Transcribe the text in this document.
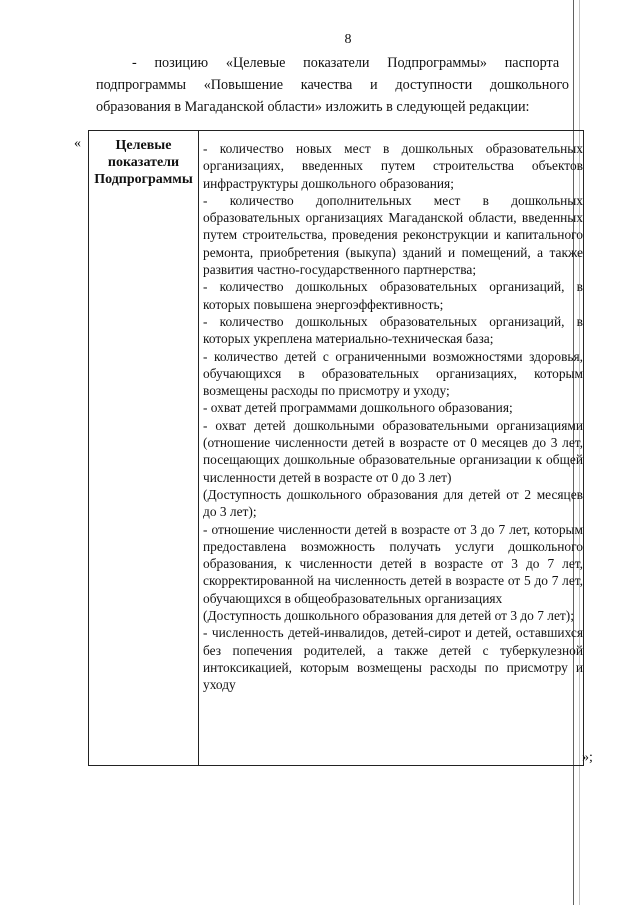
8
-     позицию     «Целевые     показатели     Подпрограммы»     паспорта
подпрограммы     «Повышение     качества     и     доступности     дошкольного
образования в Магаданской области» изложить в следующей редакции:
«	Целевые показатели Подпрограммы

- количество новых мест в дошкольных образовательных организациях, введенных путем строительства объектов инфраструктуры дошкольного образования;

- количество дополнительных мест в дошкольных образовательных организациях Магаданской области, введенных путем строительства, проведения реконструкции и капитального ремонта, приобретения (выкупа) зданий и помещений, а также развития частно-государственного партнерства;

- количество дошкольных образовательных организаций, в которых повышена энергоэффективность;

- количество дошкольных образовательных организаций, в которых укреплена материально-техническая база;

- количество детей с ограниченными возможностями здоровья, обучающихся в образовательных организациях, которым возмещены расходы по присмотру и уходу;

- охват детей программами дошкольного образования;

- охват детей дошкольными образовательными организациями (отношение численности детей в возрасте от 0 месяцев до 3 лет, посещающих дошкольные образовательные организации к общей численности детей в возрасте от 0 до 3 лет)

(Доступность дошкольного образования для детей от 2 месяцев до 3 лет);

- отношение численности детей в возрасте от 3 до 7 лет, которым предоставлена возможность получать услуги дошкольного образования, к численности детей в возрасте от 3 до 7 лет, скорректированной на численность детей в возрасте от 5 до 7 лет, обучающихся в общеобразовательных организациях

(Доступность дошкольного образования для детей от 3 до 7 лет);

- численность детей-инвалидов, детей-сирот и детей, оставшихся без попечения родителей, а также детей с туберкулезной интоксикацией, которым возмещены расходы по присмотру и уходу

»;
